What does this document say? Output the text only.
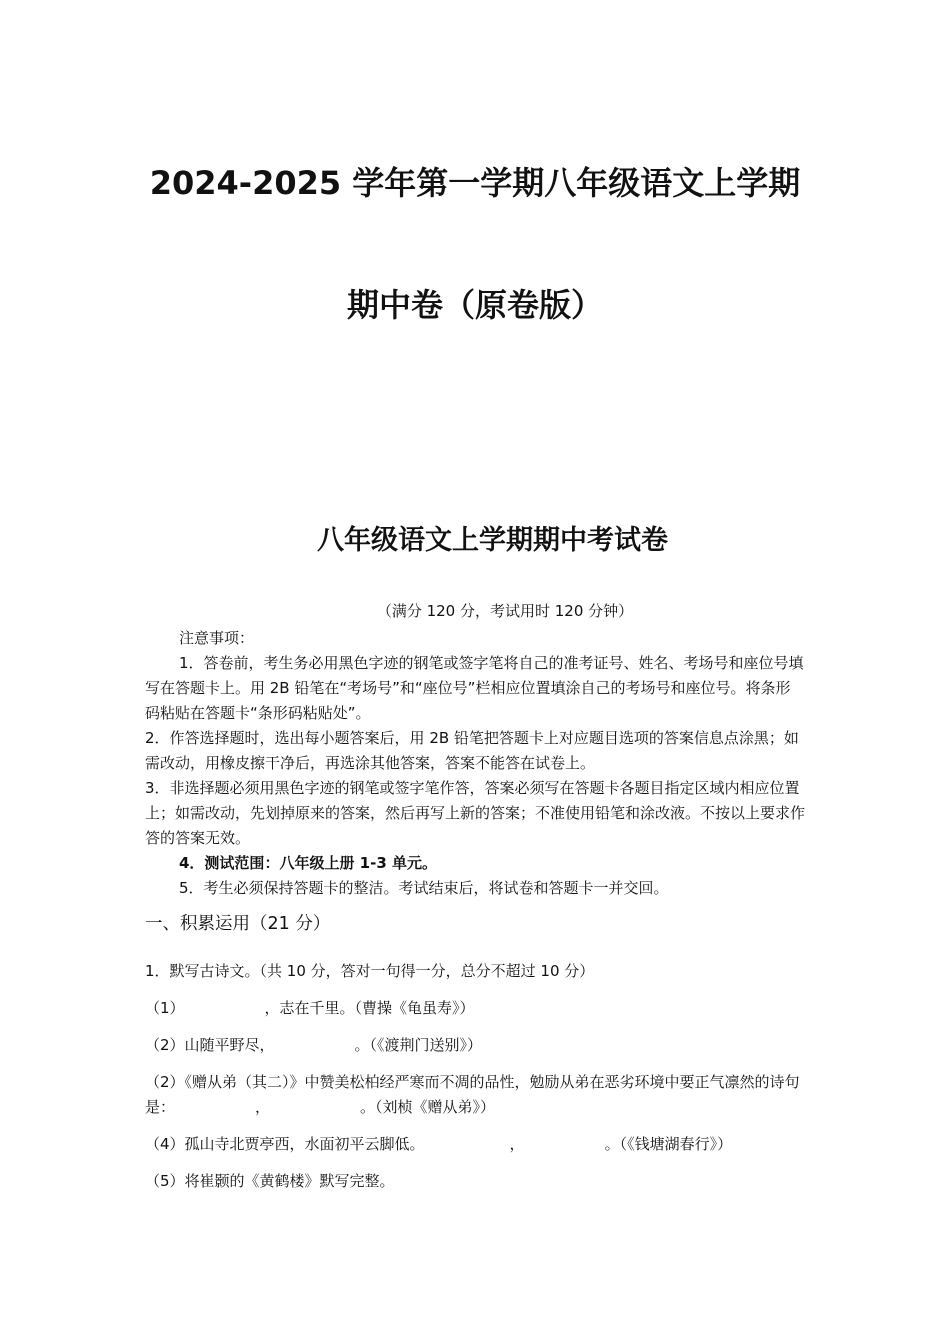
2024-2025 学年第一学期八年级语文上学期
期中卷（原卷版）
八年级语文上学期期中考试卷
（满分 120 分，考试用时 120 分钟）

注意事项：

1．答卷前，考生务必用黑色字迹的钢笔或签字笔将自己的准考证号、姓名、考场号和座位号填写在答题卡上。用 2B 铅笔在“考场号”和“座位号”栏相应位置填涂自己的考场号和座位号。将条形码粘贴在答题卡“条形码粘贴处”。

2．作答选择题时，选出每小题答案后，用 2B 铅笔把答题卡上对应题目选项的答案信息点涂黑；如需改动，用橡皮擦干净后，再选涂其他答案，答案不能答在试卷上。

3．非选择题必须用黑色字迹的钢笔或签字笔作答，答案必须写在答题卡各题目指定区域内相应位置上；如需改动，先划掉原来的答案，然后再写上新的答案；不准使用铅笔和涂改液。不按以上要求作答的答案无效。

4．测试范围：八年级上册 1-3 单元。

5．考生必须保持答题卡的整洁。考试结束后，将试卷和答题卡一并交回。

一、积累运用（21 分）
1．默写古诗文。（共 10 分，答对一句得一分，总分不超过 10 分）
（1）	，志在千里。（曹操《龟虽寿》）
（2）山随平野尽，	。（《渡荆门送别》）
（2）《赠从弟（其二）》中赞美松柏经严寒而不凋的品性，勉励从弟在恶劣环境中要正气凛然的诗句是：	，	。（刘桢《赠从弟》）
（4）孤山寺北贾亭西，水面初平云脚低。	，	。（《钱塘湖春行》）
（5）将崔颢的《黄鹤楼》默写完整。
